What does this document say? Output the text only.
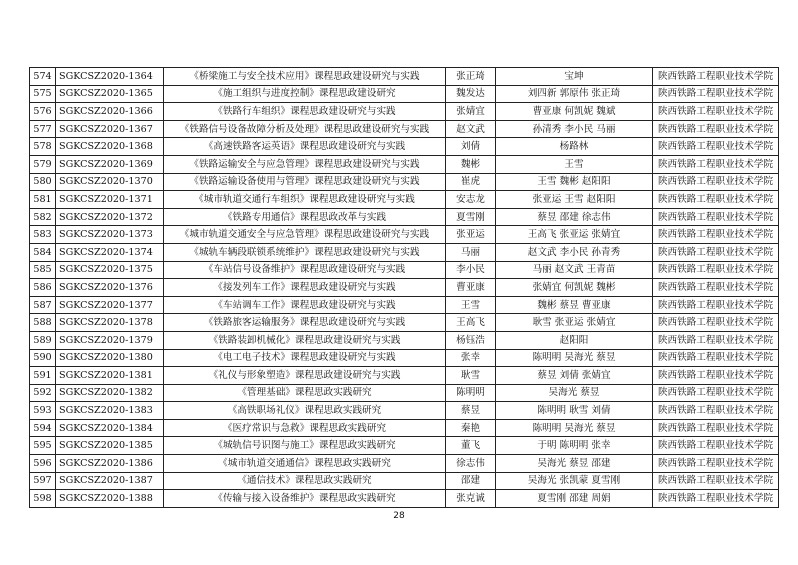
574	SGKCSZ2020-1364	《桥梁施工与安全技术应用》课程思政建设研究与实践	张正琦	宝坤	陕西铁路工程职业技术学院
575	SGKCSZ2020-1365	《施工组织与进度控制》课程思政建设研究	魏发达	刘四新 郭原伟 张正琦	陕西铁路工程职业技术学院
576	SGKCSZ2020-1366	《铁路行车组织》课程思政建设研究与实践	张婧宜	曹亚康 何凯妮 魏斌	陕西铁路工程职业技术学院
577	SGKCSZ2020-1367	《铁路信号设备故障分析及处理》课程思政建设研究与实践	赵文武	孙清秀 李小民 马丽	陕西铁路工程职业技术学院
578	SGKCSZ2020-1368	《高速铁路客运英语》课程思政建设研究与实践	刘倩	杨路林	陕西铁路工程职业技术学院
579	SGKCSZ2020-1369	《铁路运输安全与应急管理》课程思政建设研究与实践	魏彬	王雪	陕西铁路工程职业技术学院
580	SGKCSZ2020-1370	《铁路运输设备使用与管理》课程思政建设研究与实践	崔虎	王雪 魏彬 赵阳阳	陕西铁路工程职业技术学院
581	SGKCSZ2020-1371	《城市轨道交通行车组织》课程思政建设研究与实践	安志龙	张亚运 王雪 赵阳阳	陕西铁路工程职业技术学院
582	SGKCSZ2020-1372	《铁路专用通信》课程思政改革与实践	夏雪刚	蔡昱 邵建 徐志伟	陕西铁路工程职业技术学院
583	SGKCSZ2020-1373	《城市轨道交通安全与应急管理》课程思政建设研究与实践	张亚运	王高飞 张亚运 张婧宜	陕西铁路工程职业技术学院
584	SGKCSZ2020-1374	《城轨车辆段联锁系统维护》课程思政建设研究与实践	马丽	赵文武 李小民 孙青秀	陕西铁路工程职业技术学院
585	SGKCSZ2020-1375	《车站信号设备维护》课程思政建设研究与实践	李小民	马丽 赵文武 王青苗	陕西铁路工程职业技术学院
586	SGKCSZ2020-1376	《接发列车工作》课程思政建设研究与实践	曹亚康	张婧宜 何凯妮 魏彬	陕西铁路工程职业技术学院
587	SGKCSZ2020-1377	《车站调车工作》课程思政建设研究与实践	王雪	魏彬 蔡昱 曹亚康	陕西铁路工程职业技术学院
588	SGKCSZ2020-1378	《铁路旅客运输服务》课程思政建设研究与实践	王高飞	耿雪 张亚运 张婧宜	陕西铁路工程职业技术学院
589	SGKCSZ2020-1379	《铁路装卸机械化》课程思政建设研究与实践	杨钰浩	赵阳阳	陕西铁路工程职业技术学院
590	SGKCSZ2020-1380	《电工电子技术》课程思政建设研究与实践	张幸	陈明明 吴海光 蔡昱	陕西铁路工程职业技术学院
591	SGKCSZ2020-1381	《礼仪与形象塑造》课程思政建设研究与实践	耿雪	蔡昱 刘倩 张婧宜	陕西铁路工程职业技术学院
592	SGKCSZ2020-1382	《管理基础》课程思政实践研究	陈明明	吴海光 蔡昱	陕西铁路工程职业技术学院
593	SGKCSZ2020-1383	《高铁职场礼仪》课程思政实践研究	蔡昱	陈明明 耿雪 刘倩	陕西铁路工程职业技术学院
594	SGKCSZ2020-1384	《医疗常识与急救》课程思政实践研究	秦艳	陈明明 吴海光 蔡昱	陕西铁路工程职业技术学院
595	SGKCSZ2020-1385	《城轨信号识图与施工》课程思政实践研究	董飞	于明 陈明明 张幸	陕西铁路工程职业技术学院
596	SGKCSZ2020-1386	《城市轨道交通通信》课程思政实践研究	徐志伟	吴海光 蔡昱 邵建	陕西铁路工程职业技术学院
597	SGKCSZ2020-1387	《通信技术》课程思政实践研究	邵建	吴海光 张凯蒙 夏雪刚	陕西铁路工程职业技术学院
598	SGKCSZ2020-1388	《传输与接入设备维护》课程思政实践研究	张克诚	夏雪刚 邵建 周娟	陕西铁路工程职业技术学院
28
